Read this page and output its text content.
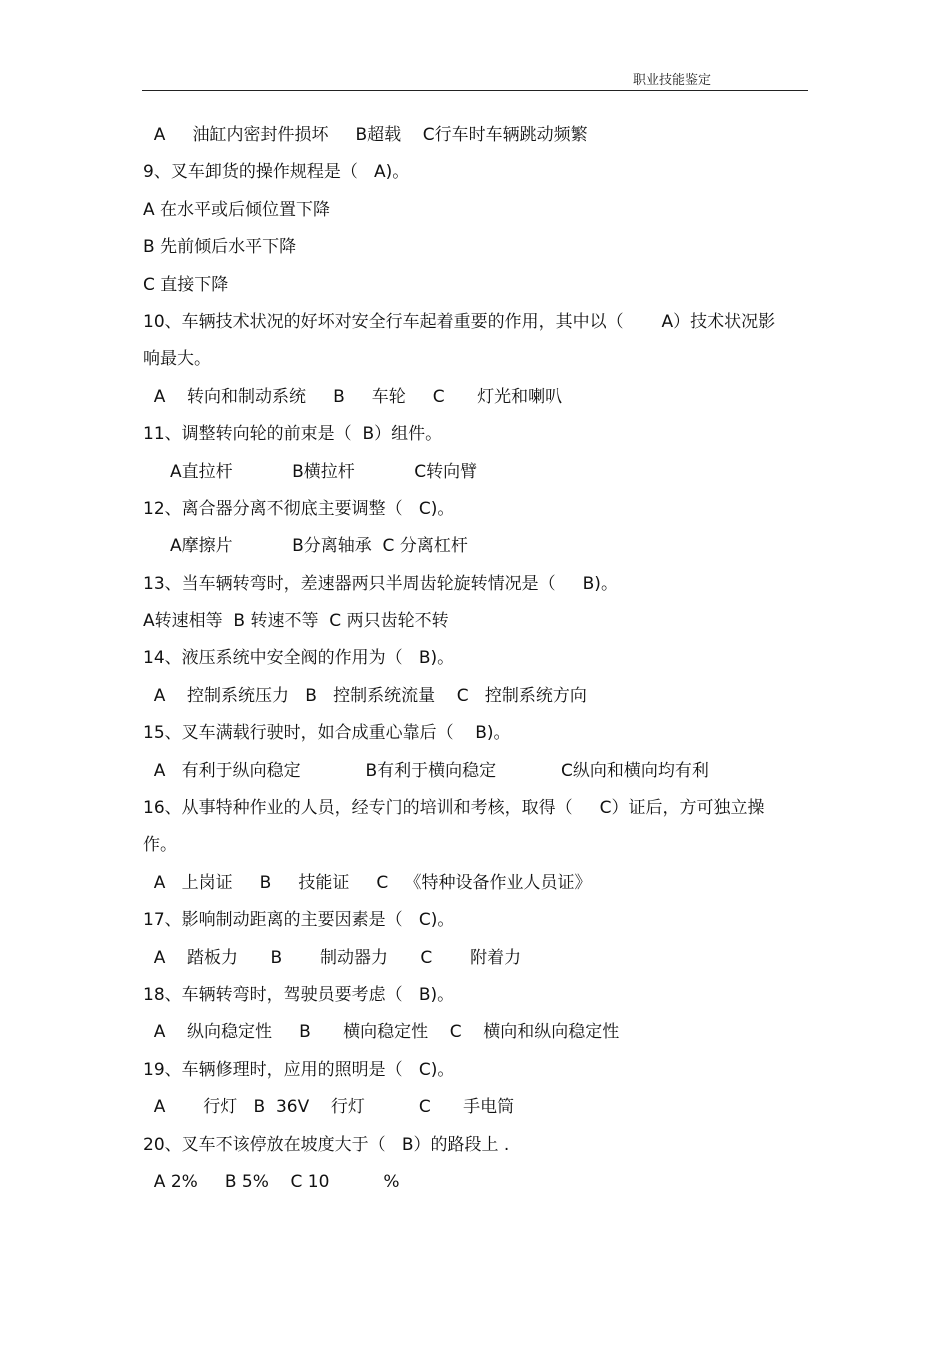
职业技能鉴定
A     油缸内密封件损坏     B超载    C行车时车辆跳动频繁
9、叉车卸货的操作规程是（   A)。
A 在水平或后倾位置下降
B 先前倾后水平下降
C 直接下降
10、车辆技术状况的好坏对安全行车起着重要的作用，其中以（       A）技术状况影
响最大。
A    转向和制动系统     B     车轮     C      灯光和喇叭
11、调整转向轮的前束是（  B）组件。
A直拉杆           B横拉杆           C转向臂
12、离合器分离不彻底主要调整（   C)。
A摩擦片           B分离轴承  C 分离杠杆
13、当车辆转弯时，差速器两只半周齿轮旋转情况是（     B)。
A转速相等  B 转速不等  C 两只齿轮不转
14、液压系统中安全阀的作用为（   B)。
A    控制系统压力   B   控制系统流量    C   控制系统方向
15、叉车满载行驶时，如合成重心靠后（    B)。
A   有利于纵向稳定            B有利于横向稳定            C纵向和横向均有利
16、从事特种作业的人员，经专门的培训和考核，取得（     C）证后，方可独立操
作。
A   上岗证     B     技能证     C   《特种设备作业人员证》
17、影响制动距离的主要因素是（   C)。
A    踏板力      B       制动器力      C       附着力
18、车辆转弯时，驾驶员要考虑（   B)。
A    纵向稳定性     B      横向稳定性    C    横向和纵向稳定性
19、车辆修理时，应用的照明是（   C)。
A       行灯   B  36V    行灯          C      手电筒
20、叉车不该停放在坡度大于（   B）的路段上 .
A 2%     B 5%    C 10          %
